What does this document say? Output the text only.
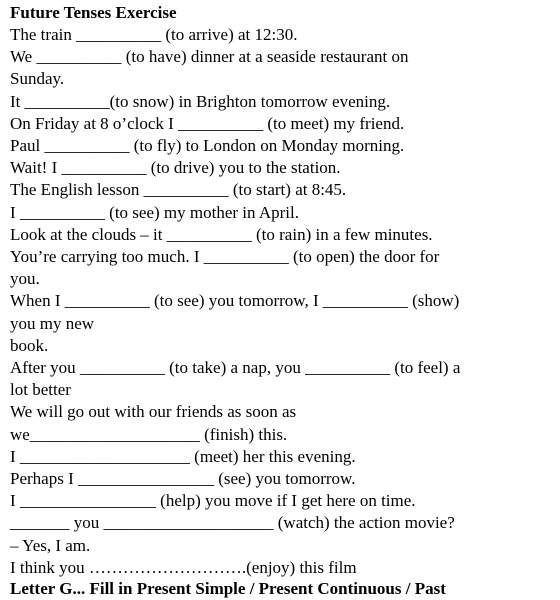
Future Tenses Exercise
The train __________ (to arrive) at 12:30.
We __________ (to have) dinner at a seaside restaurant on
Sunday.
It __________(to snow) in Brighton tomorrow evening.
On Friday at 8 o’clock I __________ (to meet) my friend.
Paul __________ (to fly) to London on Monday morning.
Wait! I __________ (to drive) you to the station.
The English lesson __________ (to start) at 8:45.
I __________ (to see) my mother in April.
Look at the clouds – it __________ (to rain) in a few minutes.
You’re carrying too much. I __________ (to open) the door for
you.
When I __________ (to see) you tomorrow, I __________ (show)
you my new
book.
After you __________ (to take) a nap, you __________ (to feel) a
lot better
We will go out with our friends as soon as
we____________________ (finish) this.
I ____________________ (meet) her this evening.
Perhaps I ________________ (see) you tomorrow.
I ________________ (help) you move if I get here on time.
_______ you ____________________ (watch) the action movie?
– Yes, I am.
I think you ……………………….(enjoy) this film
Letter G... Fill in Present Simple / Present Continuous / Past
